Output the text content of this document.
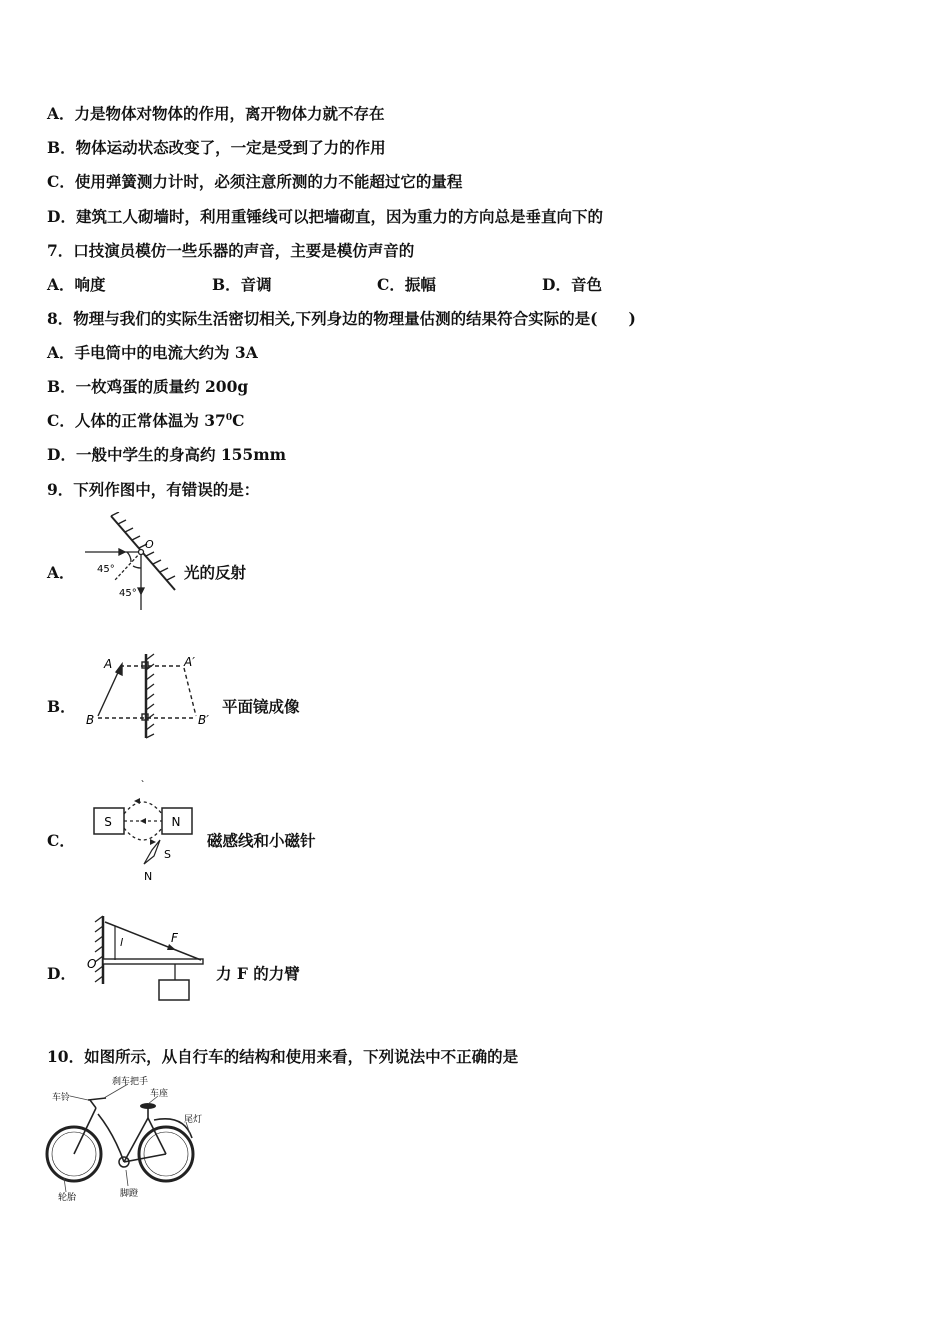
A．力是物体对物体的作用，离开物体力就不存在
B．物体运动状态改变了，一定是受到了力的作用
C．使用弹簧测力计时，必须注意所测的力不能超过它的量程
D．建筑工人砌墙时，利用重锤线可以把墙砌直，因为重力的方向总是垂直向下的
7．口技演员模仿一些乐器的声音，主要是模仿声音的
A．响度	B．音调	C．振幅	D．音色
8．物理与我们的实际生活密切相关,下列身边的物理量估测的结果符合实际的是(　　)
A．手电筒中的电流大约为 3A
B．一枚鸡蛋的质量约 200g
C．人体的正常体温为 $37^0C$
D．一般中学生的身高约 155mm
9．下列作图中，有错误的是：
A．
O
45°
45°
光的反射
B．
A	A′
B	B′
平面镜成像
C．
S	N
S
N
ˋ
磁感线和小磁针
D． O
l	F
力 F 的力臂
10．如图所示，从自行车的结构和使用来看，下列说法中不正确的是
刹车把手
车铃	车座
尾灯
轮胎	脚蹬
